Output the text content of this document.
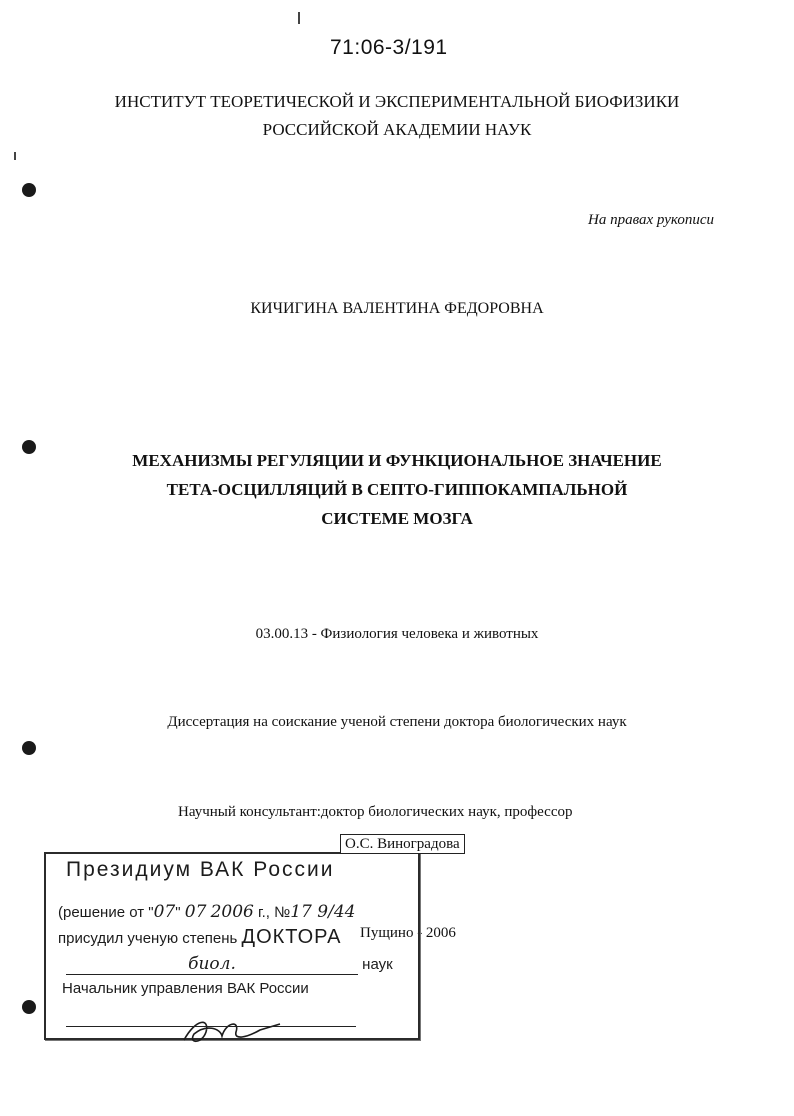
71:06-3/191
ИНСТИТУТ ТЕОРЕТИЧЕСКОЙ И ЭКСПЕРИМЕНТАЛЬНОЙ БИОФИЗИКИ
РОССИЙСКОЙ АКАДЕМИИ НАУК
На правах рукописи
КИЧИГИНА ВАЛЕНТИНА ФЕДОРОВНА
МЕХАНИЗМЫ РЕГУЛЯЦИИ И ФУНКЦИОНАЛЬНОЕ ЗНАЧЕНИЕ
ТЕТА-ОСЦИЛЛЯЦИЙ В СЕПТО-ГИППОКАМПАЛЬНОЙ
СИСТЕМЕ МОЗГА
03.00.13 - Физиология человека и животных
Диссертация на соискание ученой степени доктора биологических наук
Научный консультант:доктор биологических наук, профессор
Пущино - 2006
Президиум ВАК России
(решение от "07" 07 2006 г., №17 9/44
присудил ученую степень ДОКТОРА
биол.	наук
Начальник управления ВАК России
О.С. Виноградова
